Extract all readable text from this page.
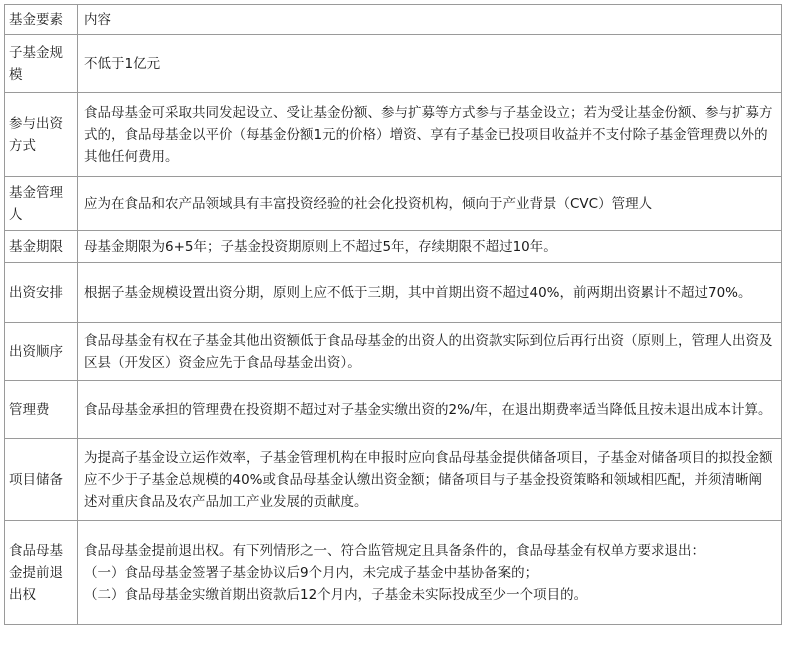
基金要素	内容

子基金规模	不低于1亿元

参与出资方式	食品母基金可采取共同发起设立、受让基金份额、参与扩募等方式参与子基金设立；若为受让基金份额、参与扩募方式的，食品母基金以平价（每基金份额1元的价格）增资、享有子基金已投项目收益并不支付除子基金管理费以外的其他任何费用。

基金管理人	应为在食品和农产品领域具有丰富投资经验的社会化投资机构，倾向于产业背景（CVC）管理人

基金期限	母基金期限为6+5年；子基金投资期原则上不超过5年，存续期限不超过10年。

出资安排	根据子基金规模设置出资分期，原则上应不低于三期，其中首期出资不超过40%，前两期出资累计不超过70%。

出资顺序	食品母基金有权在子基金其他出资额低于食品母基金的出资人的出资款实际到位后再行出资（原则上，管理人出资及区县（开发区）资金应先于食品母基金出资）。

管理费	食品母基金承担的管理费在投资期不超过对子基金实缴出资的2%/年，在退出期费率适当降低且按未退出成本计算。

项目储备	为提高子基金设立运作效率，子基金管理机构在申报时应向食品母基金提供储备项目，子基金对储备项目的拟投金额应不少于子基金总规模的40%或食品母基金认缴出资金额；储备项目与子基金投资策略和领域相匹配，并须清晰阐述对重庆食品及农产品加工产业发展的贡献度。

食品母基金提前退出权	食品母基金提前退出权。有下列情形之一、符合监管规定且具备条件的，食品母基金有权单方要求退出：
（一）食品母基金签署子基金协议后9个月内，未完成子基金中基协备案的；
（二）食品母基金实缴首期出资款后12个月内，子基金未实际投成至少一个项目的。
